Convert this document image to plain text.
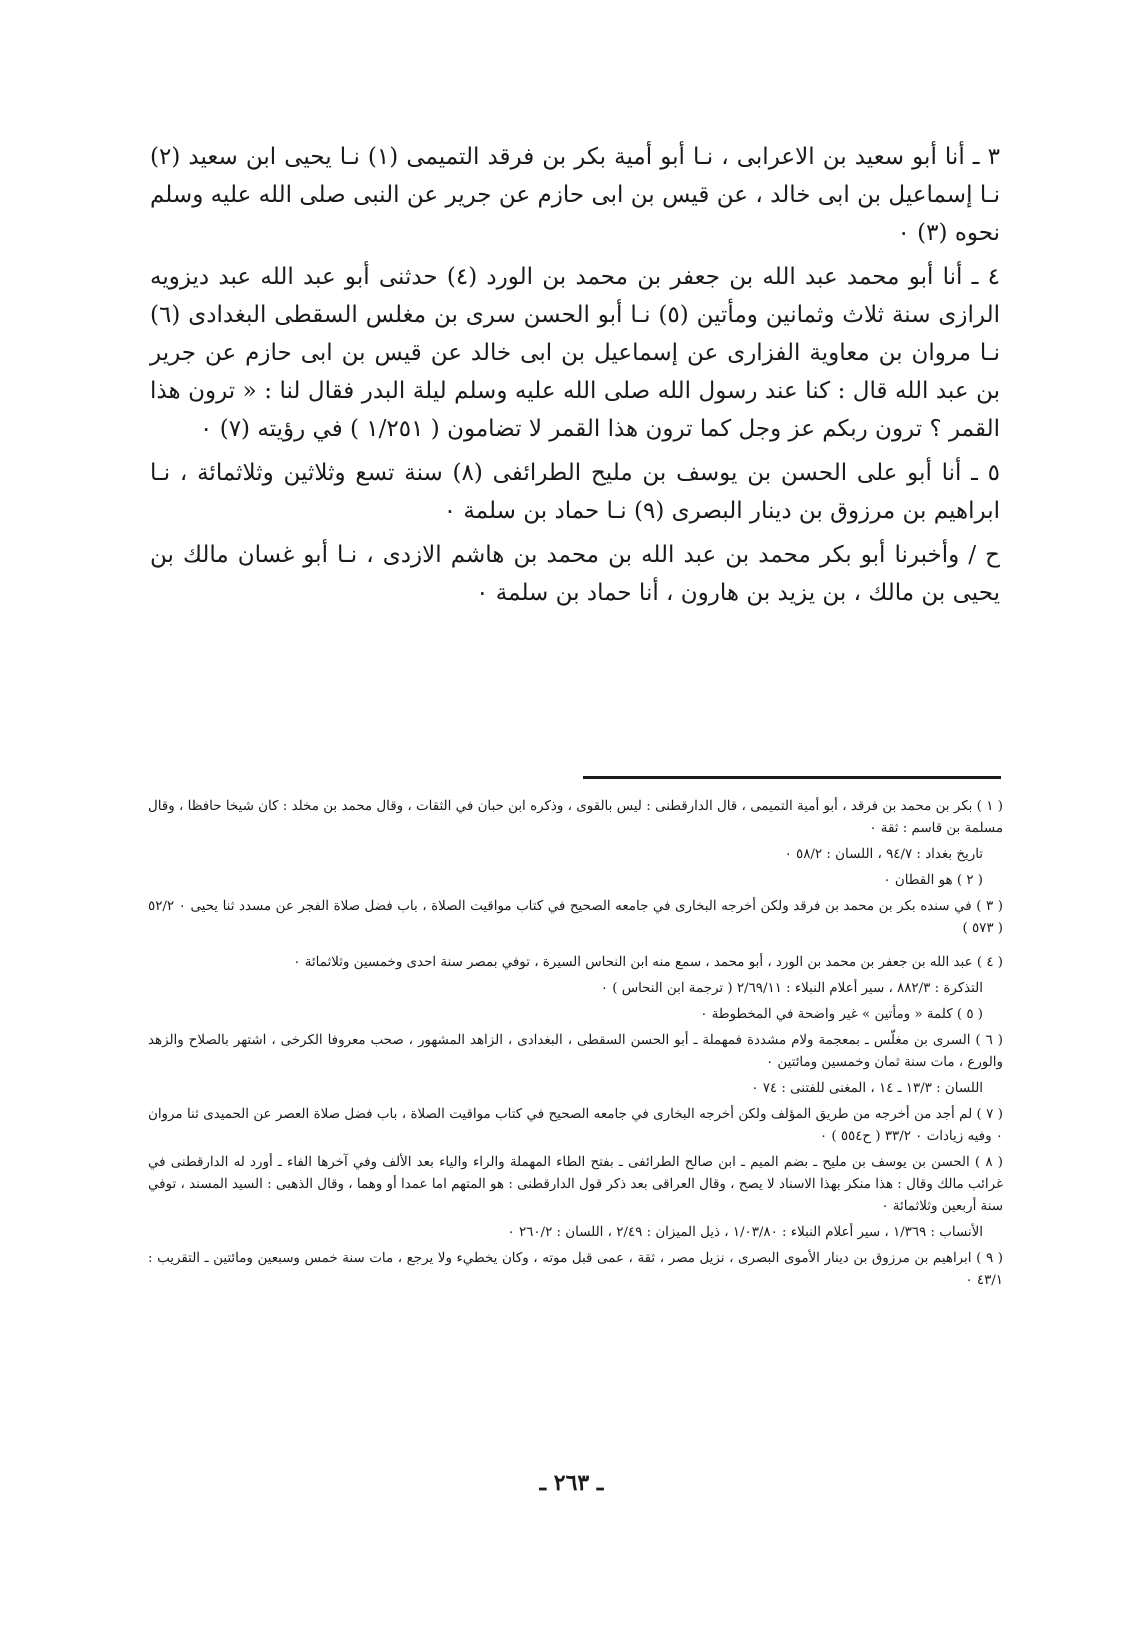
٣ ـ أنا أبو سعيد بن الاعرابى ، نـا أبو أمية بكر بن فرقد التميمى (١) نـا يحيى ابن سعيد (٢) نـا إسماعيل بن ابى خالد ، عن قيس بن ابى حازم عن جرير عن النبى صلى الله عليه وسلم نحوه (٣) ٠

٤ ـ أنا أبو محمد عبد الله بن جعفر بن محمد بن الورد (٤) حدثنى أبو عبد الله عبد ديزويه الرازى سنة ثلاث وثمانين ومأتين (٥) نـا أبو الحسن سرى بن مغلس السقطى البغدادى (٦) نـا مروان بن معاوية الفزارى عن إسماعيل بن ابى خالد عن قيس بن ابى حازم عن جرير بن عبد الله قال : كنا عند رسول الله صلى الله عليه وسلم ليلة البدر فقال لنا : « ترون هذا القمر ؟ ترون ربكم عز وجل كما ترون هذا القمر لا تضامون ( ١/٢٥١ ) في رؤيته (٧) ٠

٥ ـ أنا أبو على الحسن بن يوسف بن مليح الطرائفى (٨) سنة تسع وثلاثين وثلاثمائة ، نـا ابراهيم بن مرزوق بن دينار البصرى (٩) نـا حماد بن سلمة ٠

ح / وأخبرنا أبو بكر محمد بن عبد الله بن محمد بن هاشم الازدى ، نـا أبو غسان مالك بن يحيى بن مالك ، بن يزيد بن هارون ، أنا حماد بن سلمة ٠

( ١ ) بكر بن محمد بن فرقد ، أبو أمية التميمى ، قال الدارقطنى : ليس بالقوى ، وذكره ابن حبان في الثقات ، وقال محمد بن مخلد : كان شيخا حافظا ، وقال مسلمة بن قاسم : ثقة ٠

تاريخ بغداد : ٩٤/٧ ، اللسان : ٥٨/٢ ٠

( ٢ ) هو القطان ٠

( ٣ ) في سنده بكر بن محمد بن فرقد ولكن أخرجه البخارى في جامعه الصحيح في كتاب مواقيت الصلاة ، باب فضل صلاة الفجر عن مسدد ثنا يحيى ٠ ٥٢/٢ ( ٥٧٣ )

( ٤ ) عبد الله بن جعفر بن محمد بن الورد ، أبو محمد ، سمع منه ابن النحاس السيرة ، توفي بمصر سنة احدى وخمسين وثلاثمائة ٠

التذكرة : ٨٨٢/٣ ، سير أعلام النبلاء : ٢/٦٩/١١ ( ترجمة ابن النحاس ) ٠

( ٥ ) كلمة « ومأتين » غير واضحة في المخطوطة ٠

( ٦ ) السرى بن مغلّس ـ بمعجمة ولام مشددة فمهملة ـ أبو الحسن السقطى ، البغدادى ، الزاهد المشهور ، صحب معروفا الكرخى ، اشتهر بالصلاح والزهد والورع ، مات سنة ثمان وخمسين ومائتين ٠

اللسان : ١٣/٣ ـ ١٤ ، المغنى للفتنى : ٧٤ ٠

( ٧ ) لم أجد من أخرجه من طريق المؤلف ولكن أخرجه البخارى في جامعه الصحيح في كتاب مواقيت الصلاة ، باب فضل صلاة العصر عن الحميدى ثنا مروان ٠ وفيه زيادات ٠ ٣٣/٢ ( ح٥٥٤ ) ٠

( ٨ ) الحسن بن يوسف بن مليح ـ بضم الميم ـ ابن صالح الطرائفى ـ بفتح الطاء المهملة والراء والياء بعد الألف وفي آخرها الفاء ـ أورد له الدارقطنى في غرائب مالك وقال : هذا منكر بهذا الاسناد لا يصح ، وقال العراقى بعد ذكر قول الدارقطنى : هو المتهم اما عمدا أو وهما ، وقال الذهبى : السيد المسند ، توفي سنة أربعين وثلاثمائة ٠

الأنساب : ١/٣٦٩ ، سير أعلام النبلاء : ١/٠٣/٨٠ ، ذيل الميزان : ٢/٤٩ ، اللسان : ٢٦٠/٢ ٠

( ٩ ) ابراهيم بن مرزوق بن دينار الأموى البصرى ، نزيل مصر ، ثقة ، عمى قبل موته ، وكان يخطيء ولا يرجع ، مات سنة خمس وسبعين ومائتين ـ التقريب : ٤٣/١ ٠

ـ ٢٦٣ ـ
